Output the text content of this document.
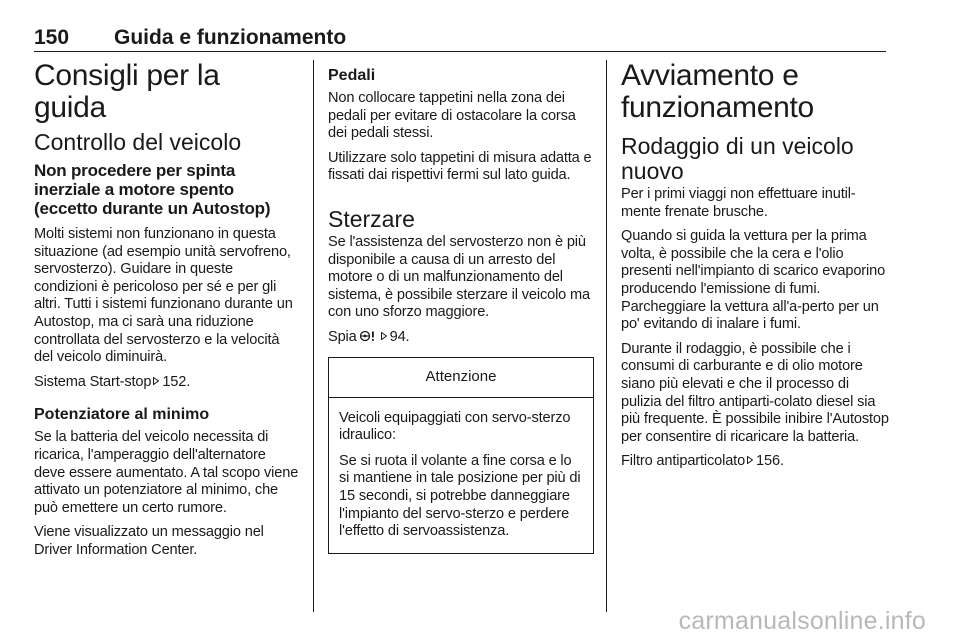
150 Guida e funzionamento
Consigli per la guida
Controllo del veicolo
Non procedere per spinta inerziale a motore spento (eccetto durante un Autostop)

Molti sistemi non funzionano in questa situazione (ad esempio unità servofreno, servosterzo). Guidare in queste condizioni è pericoloso per sé e per gli altri. Tutti i sistemi funzionano durante un Autostop, ma ci sarà una riduzione controllata del servosterzo e la velocità del veicolo diminuirà.

Sistema Start-stop 152.

Potenziatore al minimo

Se la batteria del veicolo necessita di ricarica, l'amperaggio dell'alternatore deve essere aumentato. A tal scopo viene attivato un potenziatore al minimo, che può emettere un certo rumore.

Viene visualizzato un messaggio nel Driver Information Center.

Pedali

Non collocare tappetini nella zona dei pedali per evitare di ostacolare la corsa dei pedali stessi.

Utilizzare solo tappetini di misura adatta e fissati dai rispettivi fermi sul lato guida.

Sterzare

Se l'assistenza del servosterzo non è più disponibile a causa di un arresto del motore o di un malfunzionamento del sistema, è possibile sterzare il veicolo ma con uno sforzo maggiore.

Spia 94.

Attenzione

Veicoli equipaggiati con servo-sterzo idraulico:

Se si ruota il volante a fine corsa e lo si mantiene in tale posizione per più di 15 secondi, si potrebbe danneggiare l'impianto del servo-sterzo e perdere l'effetto di servoassistenza.

Avviamento e funzionamento
Rodaggio di un veicolo nuovo

Per i primi viaggi non effettuare inutil-mente frenate brusche.

Quando si guida la vettura per la prima volta, è possibile che la cera e l'olio presenti nell'impianto di scarico evaporino producendo l'emissione di fumi. Parcheggiare la vettura all'a-perto per un po' evitando di inalare i fumi.

Durante il rodaggio, è possibile che i consumi di carburante e di olio motore siano più elevati e che il processo di pulizia del filtro antiparti-colato diesel sia più frequente. È possibile inibire l'Autostop per consentire di ricaricare la batteria.

Filtro antiparticolato 156.

carmanualsonline.info
